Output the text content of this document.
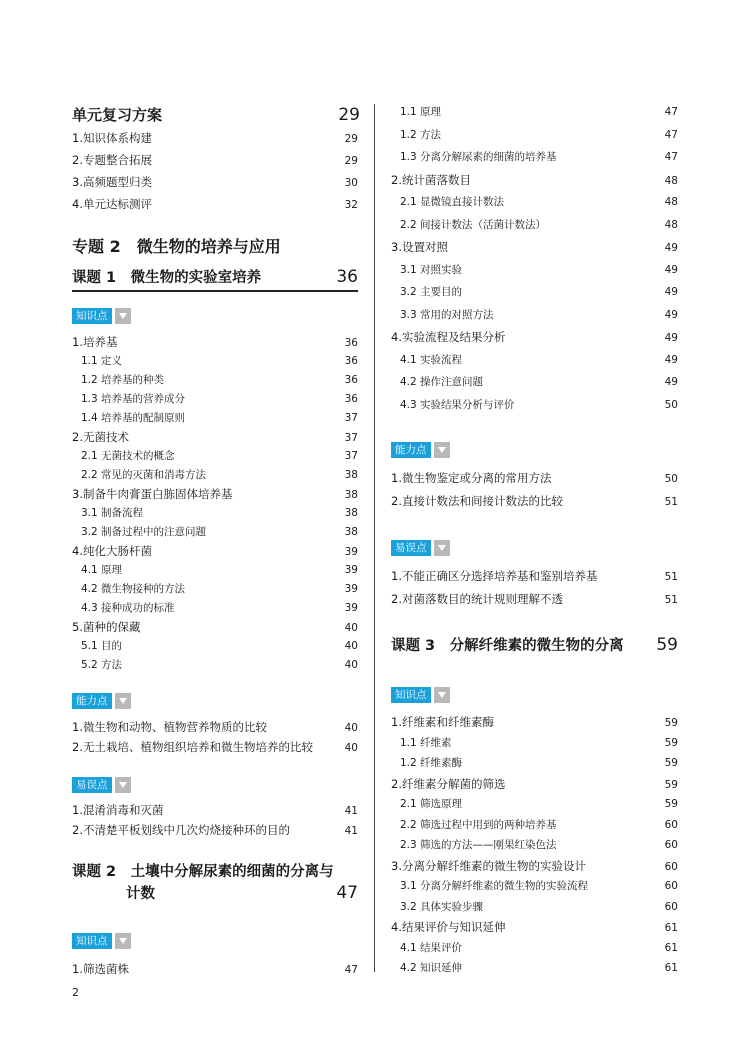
单元复习方案	29
1.知识体系构建	29
2.专题整合拓展	29
3.高频题型归类	30
4.单元达标测评	32
专题 2　微生物的培养与应用
课题 1　微生物的实验室培养	36
知识点
1.培养基	36
1.1 定义	36
1.2 培养基的种类	36
1.3 培养基的营养成分	36
1.4 培养基的配制原则	37
2.无菌技术	37
2.1 无菌技术的概念	37
2.2 常见的灭菌和消毒方法	38
3.制备牛肉膏蛋白胨固体培养基	38
3.1 制备流程	38
3.2 制备过程中的注意问题	38
4.纯化大肠杆菌	39
4.1 原理	39
4.2 微生物接种的方法	39
4.3 接种成功的标准	39
5.菌种的保藏	40
5.1 目的	40
5.2 方法	40
能力点
1.微生物和动物、植物营养物质的比较	40
2.无土栽培、植物组织培养和微生物培养的比较	40
易误点
1.混淆消毒和灭菌	41
2.不清楚平板划线中几次灼烧接种环的目的	41
课题 2　土壤中分解尿素的细菌的分离与
计数	47
知识点
1.筛选菌株	47
2
1.1 原理	47
1.2 方法	47
1.3 分离分解尿素的细菌的培养基	47
2.统计菌落数目	48
2.1 显微镜直接计数法	48
2.2 间接计数法（活菌计数法）	48
3.设置对照	49
3.1 对照实验	49
3.2 主要目的	49
3.3 常用的对照方法	49
4.实验流程及结果分析	49
4.1 实验流程	49
4.2 操作注意问题	49
4.3 实验结果分析与评价	50
能力点
1.微生物鉴定或分离的常用方法	50
2.直接计数法和间接计数法的比较	51
易误点
1.不能正确区分选择培养基和鉴别培养基	51
2.对菌落数目的统计规则理解不透	51
课题 3　分解纤维素的微生物的分离 59
知识点
1.纤维素和纤维素酶	59
1.1 纤维素	59
1.2 纤维素酶	59
2.纤维素分解菌的筛选	59
2.1 筛选原理	59
2.2 筛选过程中用到的两种培养基	60
2.3 筛选的方法——刚果红染色法	60
3.分离分解纤维素的微生物的实验设计	60
3.1 分离分解纤维素的微生物的实验流程	60
3.2 具体实验步骤	60
4.结果评价与知识延伸	61
4.1 结果评价	61
4.2 知识延伸	61
